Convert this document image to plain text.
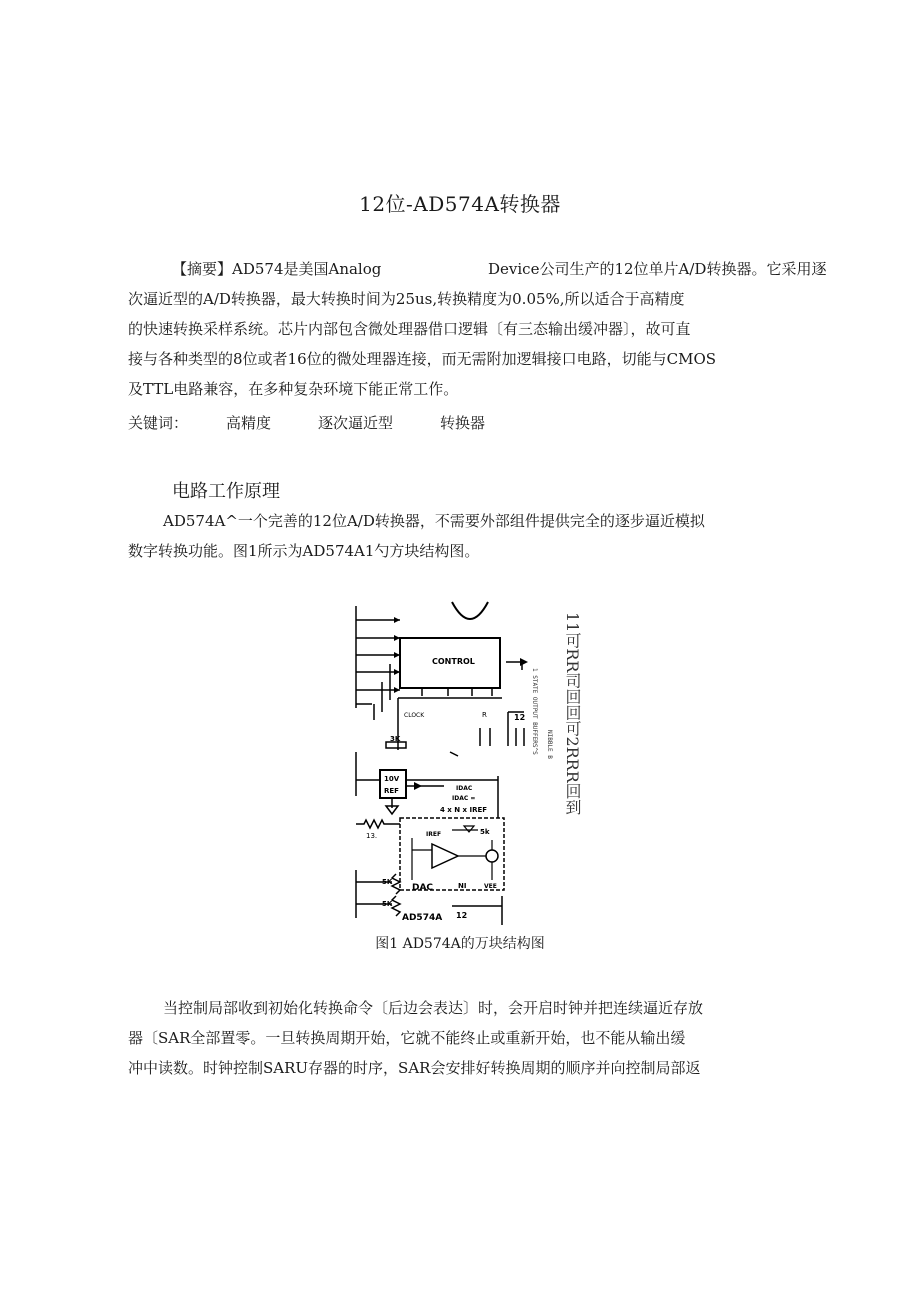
12位-AD574A转换器
【摘要】AD574是美国Analog	Device公司生产的12位单片A/D转换器。它采用逐
次逼近型的A/D转换器，最大转换时间为25us,转换精度为0.05%,所以适合于高精度
的快速转换采样系统。芯片内部包含微处理器借口逻辑〔有三态输出缓冲器〕，故可直
接与各种类型的8位或者16位的微处理器连接，而无需附加逻辑接口电路，切能与CMOS
及TTL电路兼容，在多种复杂环境下能正常工作。
关键词：	高精度	逐次逼近型	转换器
电路工作原理
AD574A^一个完善的12位A/D转换器，不需要外部组件提供完全的逐步逼近模拟
数字转换功能。图1所示为AD574A1勺方块结构图。
CONTROL
CLOCK	R	12
3K
10V
REF	IDAC
IDAC =
4 x N x IREF
13.	IREF	5k
DAC	NI	VEE
5K
5K
AD574A 12
1 STATE OUTPUT BUFFERS^S NIBBLE B 11可RR司回回可2RRR回到
图1 AD574A的万块结构图
当控制局部收到初始化转换命令〔后边会表达〕时，会开启时钟并把连续逼近存放
器〔SAR全部置零。一旦转换周期开始，它就不能终止或重新开始，也不能从输出缓
冲中读数。时钟控制SARU存器的时序，SAR会安排好转换周期的顺序并向控制局部返
